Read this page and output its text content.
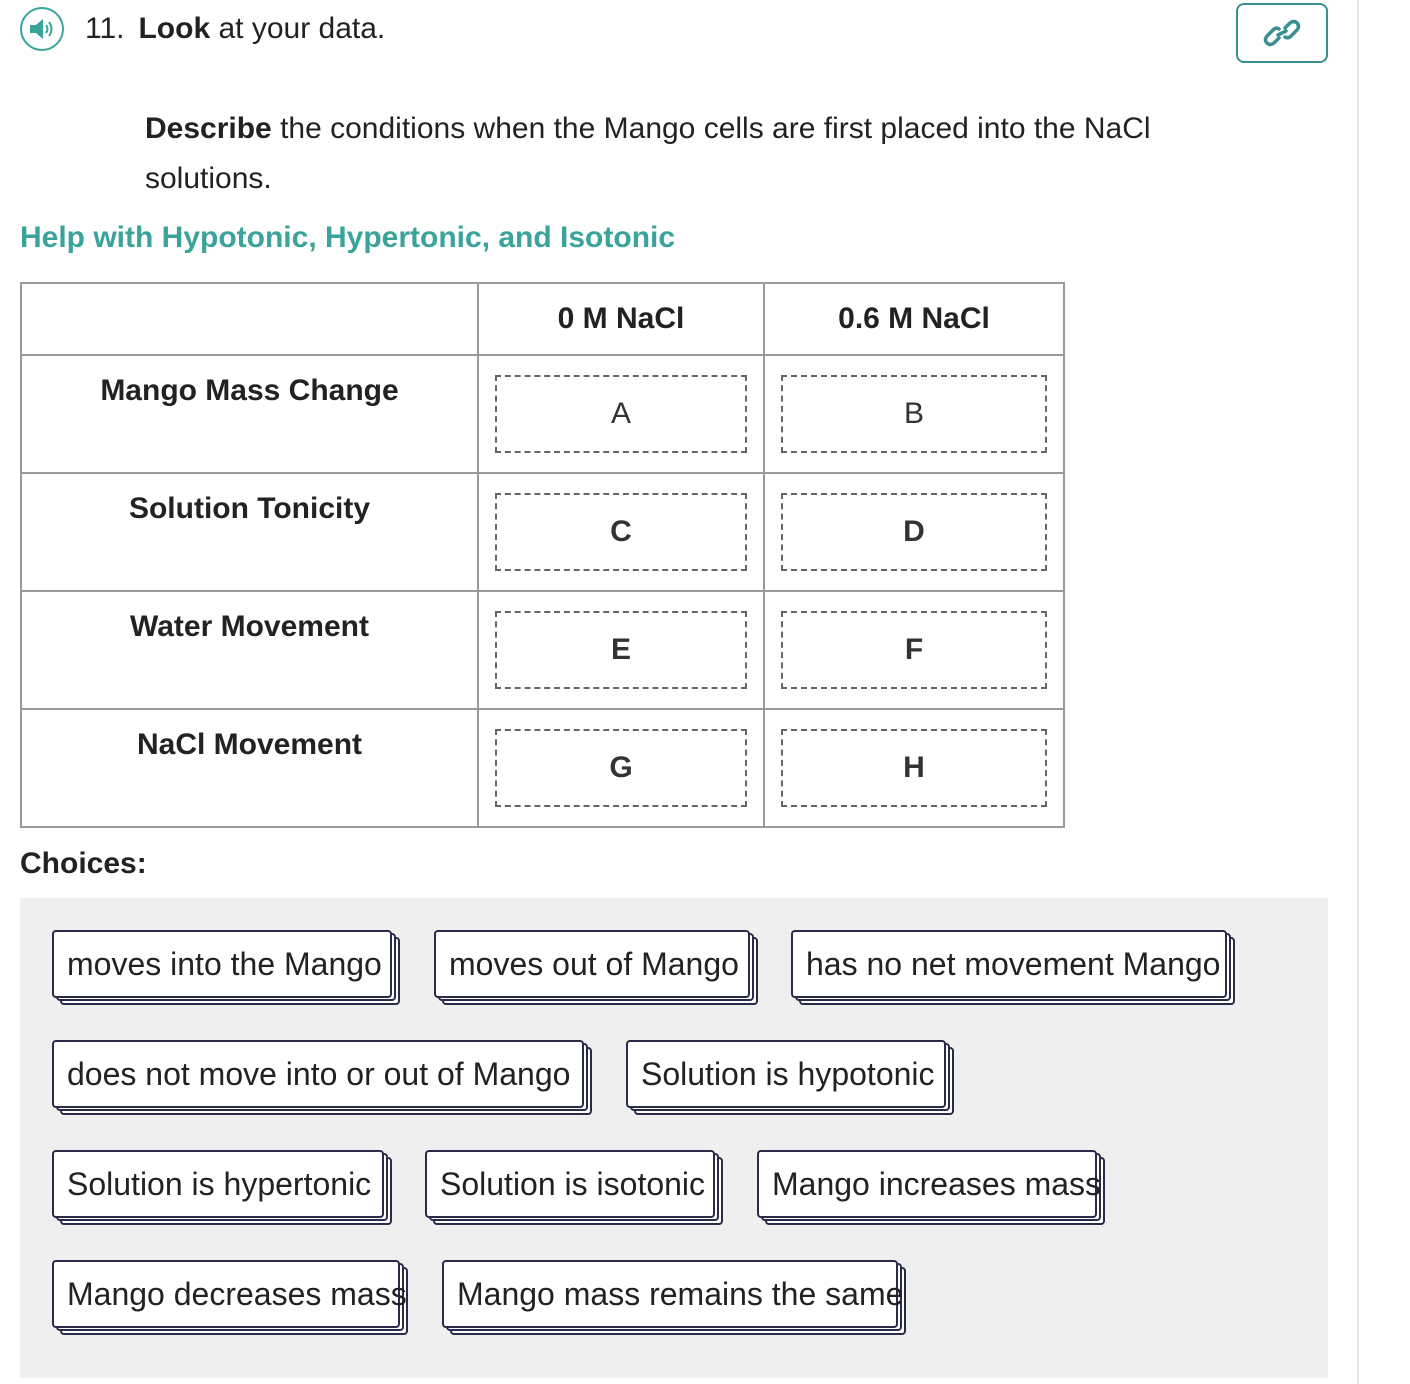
11. Look at your data.
Describe the conditions when the Mango cells are first placed into the NaCl solutions.
Help with Hypotonic, Hypertonic, and Isotonic
	0 M NaCl	0.6 M NaCl
Mango Mass Change	A	B

Solution Tonicity	C	D

Water Movement	E	F

NaCl Movement	G	H
Choices:
moves into the Mango	moves out of Mango	has no net movement Mango
does not move into or out of Mango	Solution is hypotonic
Solution is hypertonic	Solution is isotonic	Mango increases mass
Mango decreases mass	Mango mass remains the same
